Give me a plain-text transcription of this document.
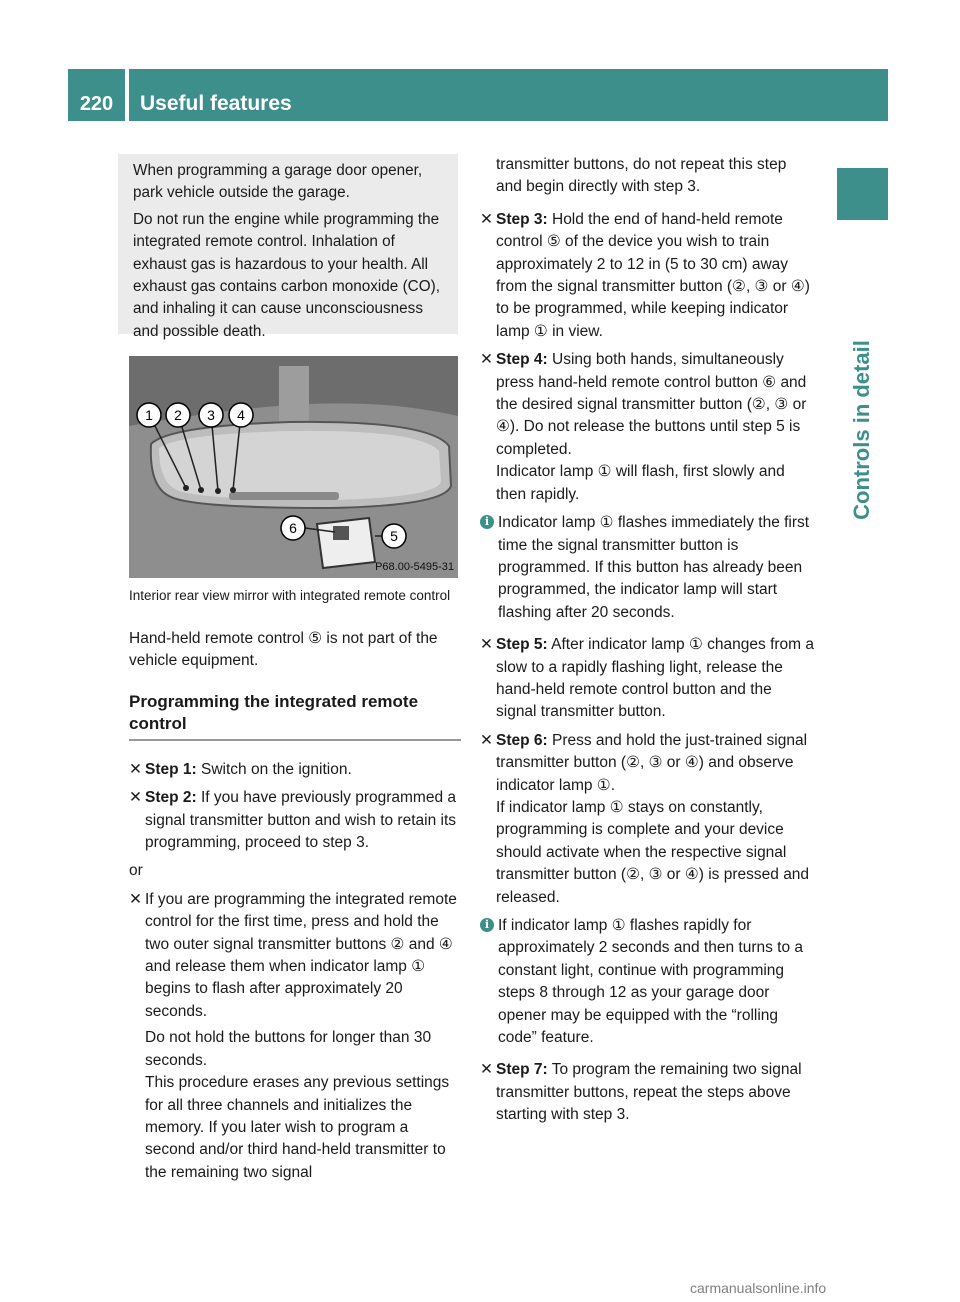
220	Useful features
Controls in detail

When programming a garage door opener, park vehicle outside the garage.

Do not run the engine while programming the integrated remote control. Inhalation of exhaust gas is hazardous to your health. All exhaust gas contains carbon monoxide (CO), and inhaling it can cause unconsciousness and possible death.

1 2 3 4
6	5
P68.00-5495-31
Interior rear view mirror with integrated remote control

Hand-held remote control ⑤ is not part of the vehicle equipment.

Programming the integrated remote control
✕ Step 1: Switch on the ignition.
✕ Step 2: If you have previously programmed a signal transmitter button and wish to retain its programming, proceed to step 3.
or
✕ If you are programming the integrated remote control for the first time, press and hold the two outer signal transmitter buttons ② and ④ and release them when indicator lamp ① begins to flash after approximately 20 seconds.

Do not hold the buttons for longer than 30 seconds.

This procedure erases any previous settings for all three channels and initializes the memory. If you later wish to program a second and/or third hand-held transmitter to the remaining two signal

transmitter buttons, do not repeat this step and begin directly with step 3.

✕ Step 3: Hold the end of hand-held remote control ⑤ of the device you wish to train approximately 2 to 12 in (5 to 30 cm) away from the signal transmitter button (②, ③ or ④) to be programmed, while keeping indicator lamp ① in view.
✕ Step 4: Using both hands, simultaneously press hand-held remote control button ⑥ and the desired signal transmitter button (②, ③ or ④). Do not release the buttons until step 5 is completed.

Indicator lamp ① will flash, first slowly and then rapidly.

i Indicator lamp ① flashes immediately the first time the signal transmitter button is programmed. If this button has already been programmed, the indicator lamp will start flashing after 20 seconds.
✕ Step 5: After indicator lamp ① changes from a slow to a rapidly flashing light, release the hand-held remote control button and the signal transmitter button.
✕ Step 6: Press and hold the just-trained signal transmitter button (②, ③ or ④) and observe indicator lamp ①.

If indicator lamp ① stays on constantly, programming is complete and your device should activate when the respective signal transmitter button (②, ③ or ④) is pressed and released.

i If indicator lamp ① flashes rapidly for approximately 2 seconds and then turns to a constant light, continue with programming steps 8 through 12 as your garage door opener may be equipped with the “rolling code” feature.
✕ Step 7: To program the remaining two signal transmitter buttons, repeat the steps above starting with step 3.
carmanualsonline.info
